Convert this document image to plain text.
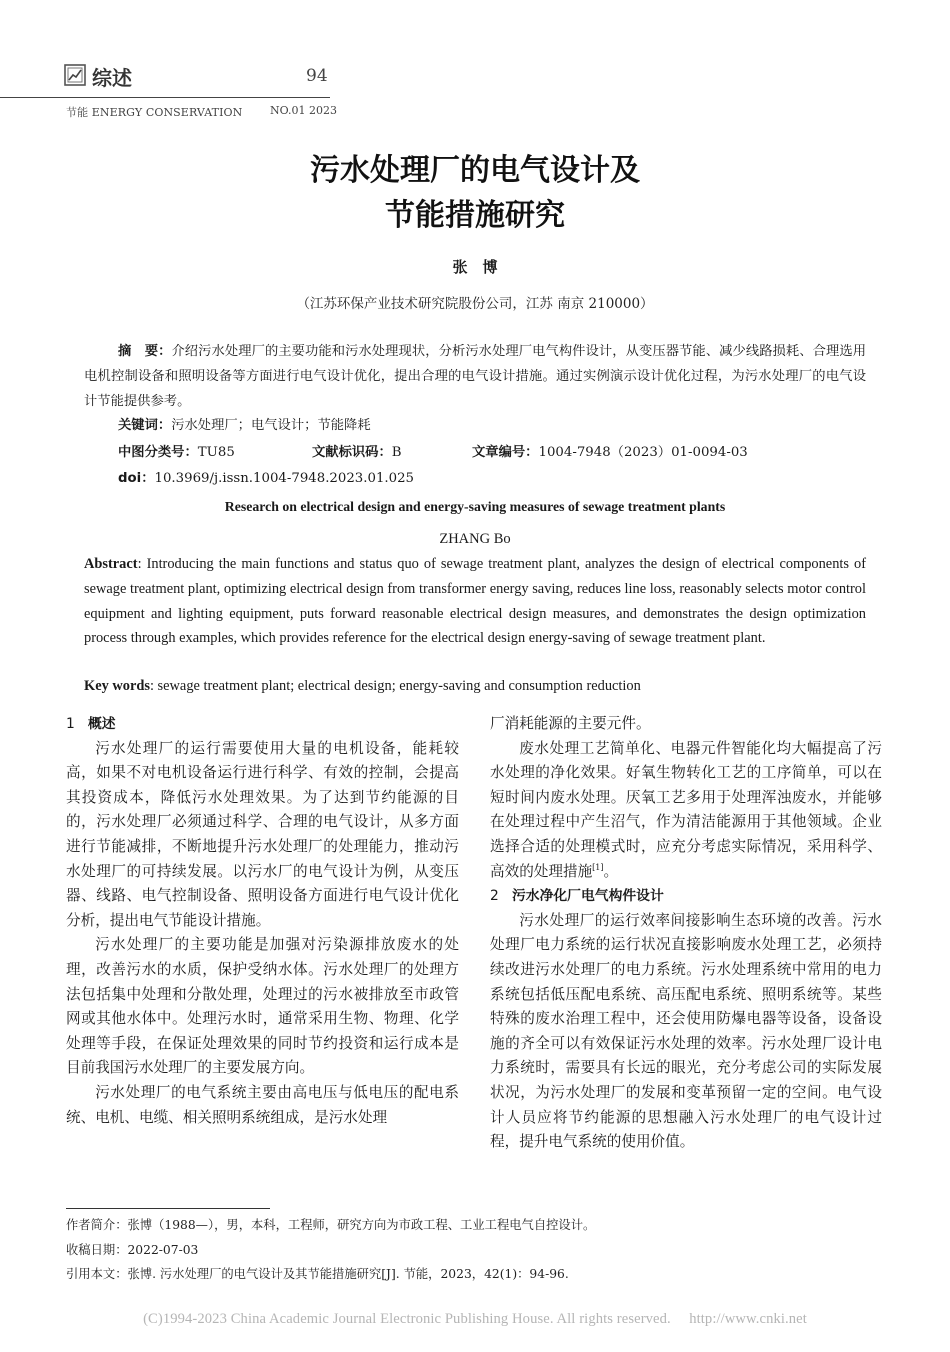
综述	94
节能 ENERGY CONSERVATION	NO.01 2023
污水处理厂的电气设计及
节能措施研究
张　博
（江苏环保产业技术研究院股份公司，江苏 南京 210000）
摘　要：介绍污水处理厂的主要功能和污水处理现状，分析污水处理厂电气构件设计，从变压器节能、减少线路损耗、合理选用电机控制设备和照明设备等方面进行电气设计优化，提出合理的电气设计措施。通过实例演示设计优化过程，为污水处理厂的电气设计节能提供参考。
关键词：污水处理厂；电气设计；节能降耗
中图分类号：TU85	文献标识码：B	文章编号：1004-7948（2023）01-0094-03
doi：10.3969/j.issn.1004-7948.2023.01.025
Research on electrical design and energy-saving measures of sewage treatment plants
ZHANG Bo
Abstract: Introducing the main functions and status quo of sewage treatment plant, analyzes the design of electrical components of sewage treatment plant, optimizing electrical design from transformer energy saving, reduces line loss, reasonably selects motor control equipment and lighting equipment, puts forward reasonable electrical design measures, and demonstrates the design optimization process through examples, which provides reference for the electrical design energy-saving of sewage treatment plant.
Key words: sewage treatment plant; electrical design; energy-saving and consumption reduction

1 概述

污水处理厂的运行需要使用大量的电机设备，能耗较高，如果不对电机设备运行进行科学、有效的控制，会提高其投资成本，降低污水处理效果。为了达到节约能源的目的，污水处理厂必须通过科学、合理的电气设计，从多方面进行节能减排，不断地提升污水处理厂的处理能力，推动污水处理厂的可持续发展。以污水厂的电气设计为例，从变压器、线路、电气控制设备、照明设备方面进行电气设计优化分析，提出电气节能设计措施。

污水处理厂的主要功能是加强对污染源排放废水的处理，改善污水的水质，保护受纳水体。污水处理厂的处理方法包括集中处理和分散处理，处理过的污水被排放至市政管网或其他水体中。处理污水时，通常采用生物、物理、化学处理等手段，在保证处理效果的同时节约投资和运行成本是目前我国污水处理厂的主要发展方向。

污水处理厂的电气系统主要由高电压与低电压的配电系统、电机、电缆、相关照明系统组成，是污水处理

厂消耗能源的主要元件。

废水处理工艺简单化、电器元件智能化均大幅提高了污水处理的净化效果。好氧生物转化工艺的工序简单，可以在短时间内废水处理。厌氧工艺多用于处理浑浊废水，并能够在处理过程中产生沼气，作为清洁能源用于其他领域。企业选择合适的处理模式时，应充分考虑实际情况，采用科学、高效的处理措施[1]。

2 污水净化厂电气构件设计

污水处理厂的运行效率间接影响生态环境的改善。污水处理厂电力系统的运行状况直接影响废水处理工艺，必须持续改进污水处理厂的电力系统。污水处理系统中常用的电力系统包括低压配电系统、高压配电系统、照明系统等。某些特殊的废水治理工程中，还会使用防爆电器等设备，设备设施的齐全可以有效保证污水处理的效率。污水处理厂设计电力系统时，需要具有长远的眼光，充分考虑公司的实际发展状况，为污水处理厂的发展和变革预留一定的空间。电气设计人员应将节约能源的思想融入污水处理厂的电气设计过程，提升电气系统的使用价值。

作者简介：张博（1988—），男，本科，工程师，研究方向为市政工程、工业工程电气自控设计。
收稿日期：2022-07-03
引用本文：张博. 污水处理厂的电气设计及其节能措施研究[J]. 节能，2023，42(1)：94-96.
(C)1994-2023 China Academic Journal Electronic Publishing House. All rights reserved.　 http://www.cnki.net
